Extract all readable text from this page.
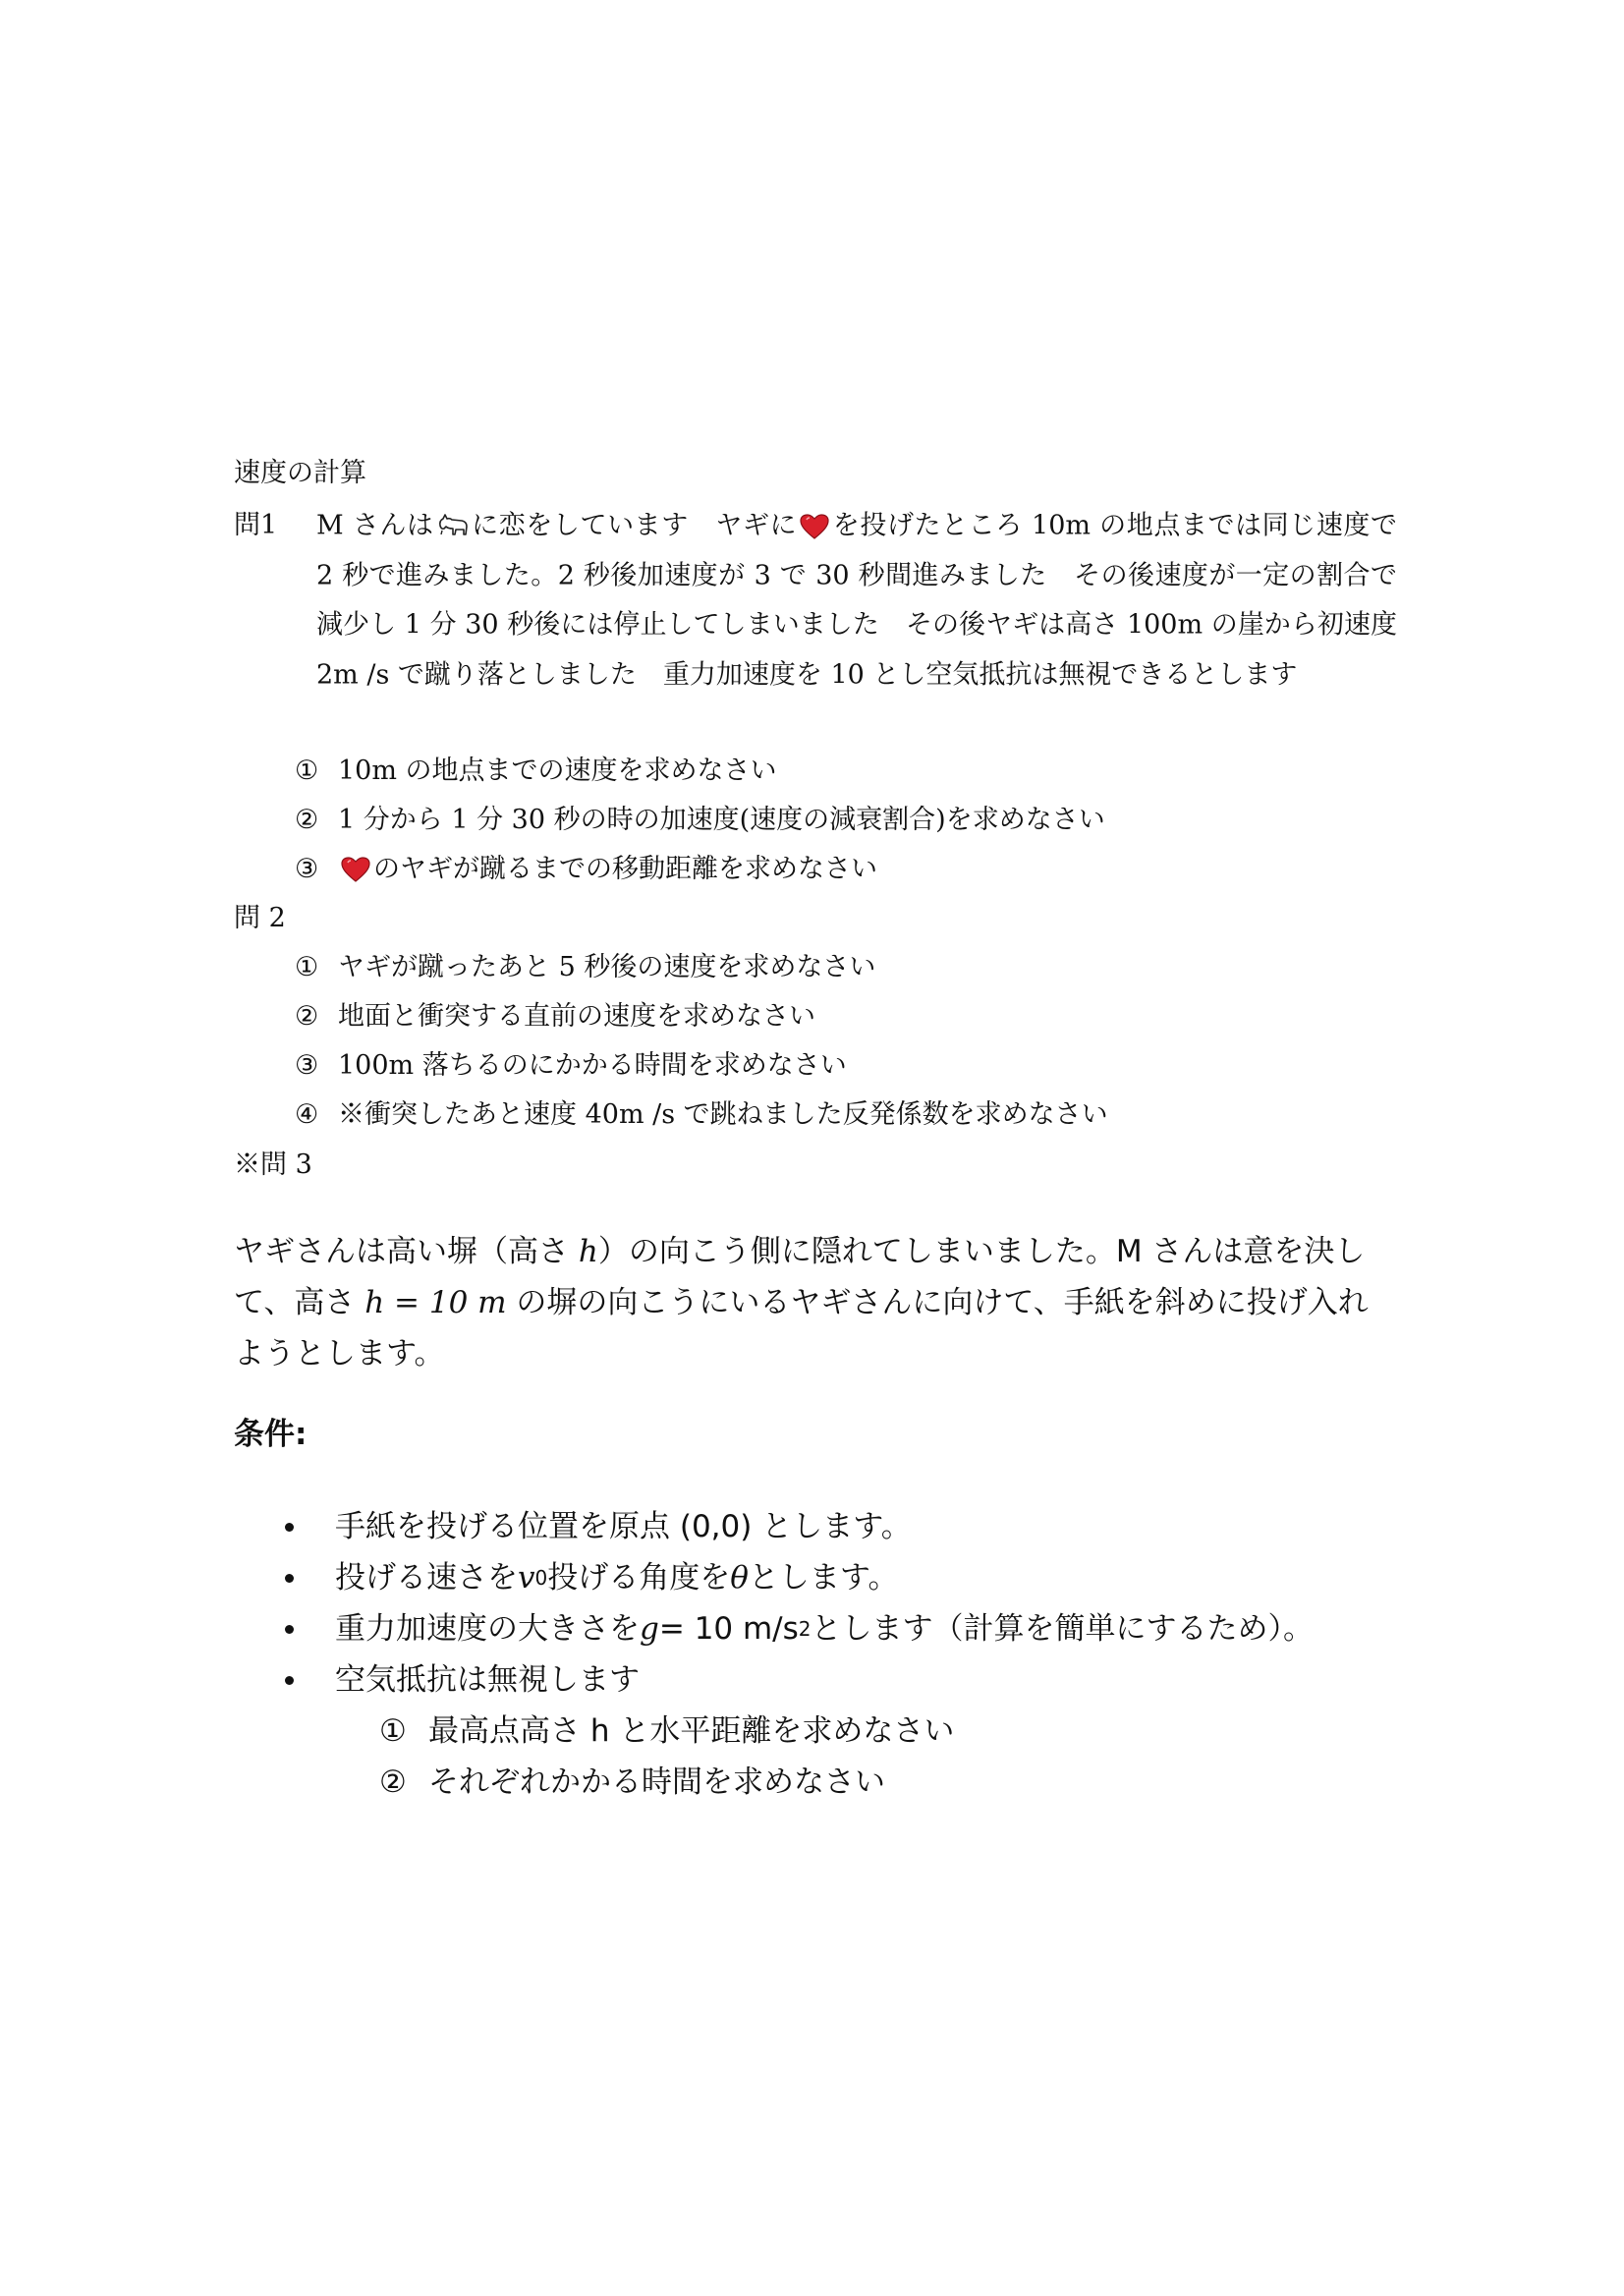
速度の計算
問1	M さんは に恋をしています　ヤギに を投げたところ 10m の地点までは同じ速度で 2 秒で進みました。2 秒後加速度が 3 で 30 秒間進みました　その後速度が一定の割合で減少し 1 分 30 秒後には停止してしまいました　その後ヤギは高さ 100m の崖から初速度 2m /s で蹴り落としました　重力加速度を 10 とし空気抵抗は無視できるとします
① 10m の地点までの速度を求めなさい
② 1 分から 1 分 30 秒の時の加速度(速度の減衰割合)を求めなさい
③	のヤギが蹴るまでの移動距離を求めなさい
問 2
① ヤギが蹴ったあと 5 秒後の速度を求めなさい
② 地面と衝突する直前の速度を求めなさい
③ 100m 落ちるのにかかる時間を求めなさい
④ ※衝突したあと速度 40m /s で跳ねました反発係数を求めなさい
※問 3
ヤギさんは高い塀（高さ h）の向こう側に隠れてしまいました。M さんは意を決して、高さ h = 10 m の塀の向こうにいるヤギさんに向けて、手紙を斜めに投げ入れようとします。
条件:
手紙を投げる位置を原点 (0,0) とします。
投げる速さを v 0 投げる角度を θ とします。
重力加速度の大きさを g = 10 m/s 2 とします（計算を簡単にするため）。
空気抵抗は無視します
① 最高点高さ h と水平距離を求めなさい
② それぞれかかる時間を求めなさい
